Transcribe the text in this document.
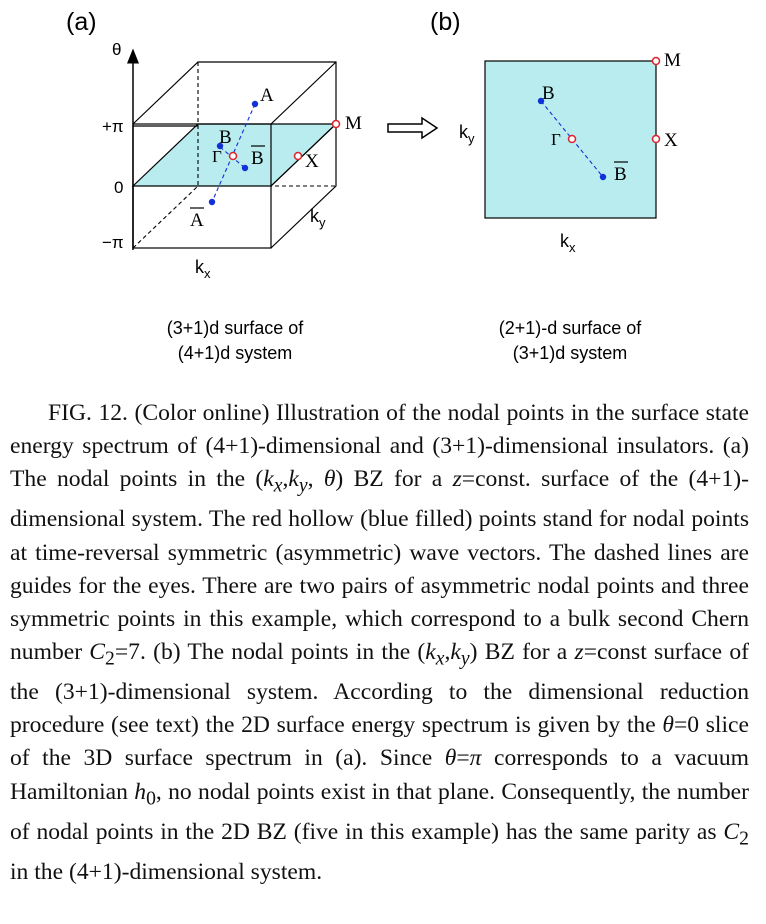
(a)
θ
+π
0
−π
$k_x$
$k_y$
A
A
B
B
Γ	X
M
(b)
$k_y$
$k_x$
B
B
Γ	X
M
(3+1)d surface of
(4+1)d system
(2+1)-d surface of
(3+1)d system

FIG. 12. (Color online) Illustration of the nodal points in the surface state energy spectrum of (4+1)-dimensional and (3+1)-dimensional insulators. (a) The nodal points in the ($k_x,k_y$, θ) BZ for a z=const. surface of the (4+1)-dimensional system. The red hollow (blue filled) points stand for nodal points at time-reversal symmetric (asymmetric) wave vectors. The dashed lines are guides for the eyes. There are two pairs of asymmetric nodal points and three symmetric points in this example, which correspond to a bulk second Chern number $C_2=7$. (b) The nodal points in the $(k_x,k_y)$ BZ for a z=const surface of the (3+1)-dimensional system. According to the dimensional reduction procedure (see text) the 2D surface energy spectrum is given by the θ=0 slice of the 3D surface spectrum in (a). Since θ=π corresponds to a vacuum Hamiltonian $h_0$, no nodal points exist in that plane. Consequently, the number of nodal points in the 2D BZ (five in this example) has the same parity as $C_2$ in the (4+1)-dimensional system.
